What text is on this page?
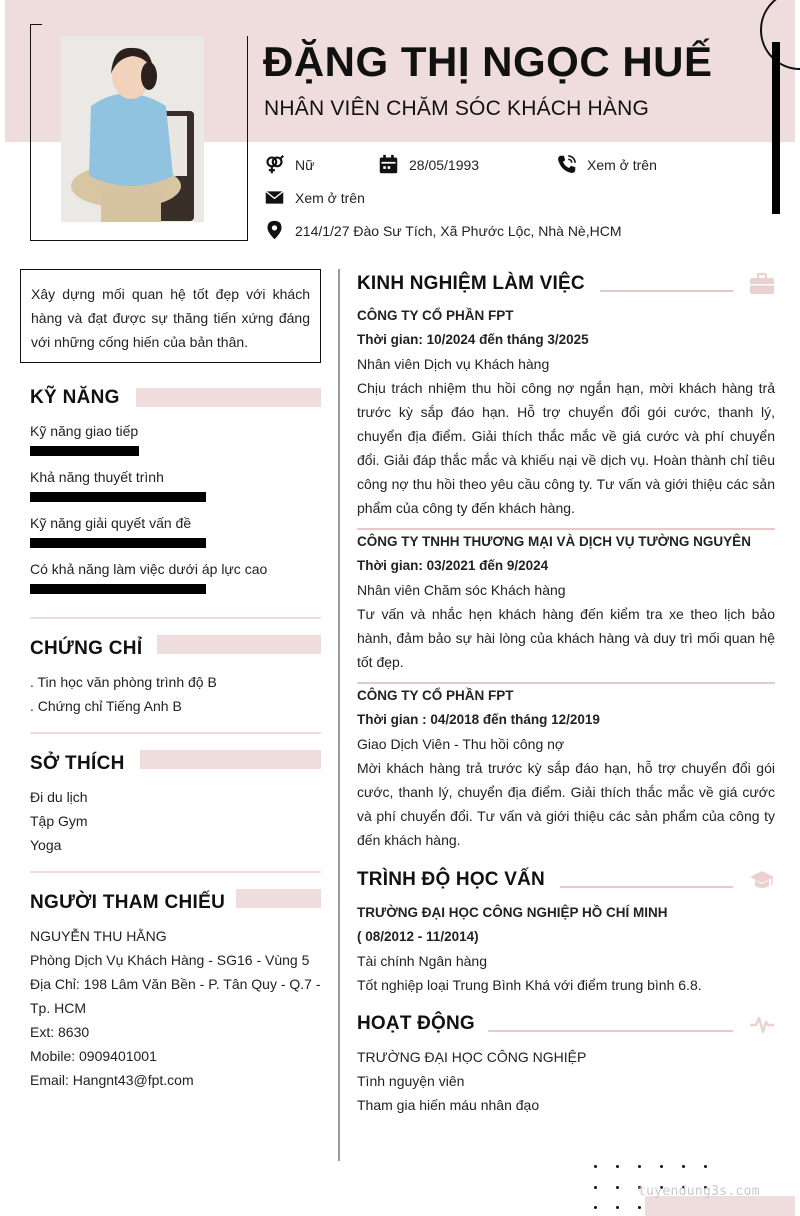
ĐẶNG THỊ NGỌC HUẾ
NHÂN VIÊN CHĂM SÓC KHÁCH HÀNG
Nữ	28/05/1993	Xem ở trên
Xem ở trên
214/1/27 Đào Sư Tích, Xã Phước Lộc, Nhà Nè,HCM
Xây dựng mối quan hệ tốt đẹp với khách hàng và đạt được sự thăng tiến xứng đáng với những cống hiến của bản thân.
KỸ NĂNG
Kỹ năng giao tiếp
Khả năng thuyết trình
Kỹ năng giải quyết vấn đề
Có khả năng làm việc dưới áp lực cao
CHỨNG CHỈ
. Tin học văn phòng trình độ B
. Chứng chỉ Tiếng Anh B
SỞ THÍCH
Đi du lịch
Tập Gym
Yoga
NGƯỜI THAM CHIẾU
NGUYỄN THU HẰNG
Phòng Dịch Vụ Khách Hàng - SG16 - Vùng 5
Địa Chỉ: 198 Lâm Văn Bền - P. Tân Quy - Q.7 -
Tp. HCM
Ext: 8630
Mobile: 0909401001
Email: Hangnt43@fpt.com
KINH NGHIỆM LÀM VIỆC
CÔNG TY CỔ PHẦN FPT
Thời gian: 10/2024 đến tháng 3/2025
Nhân viên Dịch vụ Khách hàng
Chịu trách nhiệm thu hồi công nợ ngắn hạn, mời khách hàng trả trước kỳ sắp đáo hạn. Hỗ trợ chuyển đổi gói cước, thanh lý, chuyển địa điểm. Giải thích thắc mắc về giá cước và phí chuyển đổi. Giải đáp thắc mắc và khiếu nại về dịch vụ. Hoàn thành chỉ tiêu công nợ thu hồi theo yêu cầu công ty. Tư vấn và giới thiệu các sản phẩm của công ty đến khách hàng.
CÔNG TY TNHH THƯƠNG MẠI VÀ DỊCH VỤ TƯỜNG NGUYÊN
Thời gian: 03/2021 đến 9/2024
Nhân viên Chăm sóc Khách hàng
Tư vấn và nhắc hẹn khách hàng đến kiểm tra xe theo lịch bảo hành, đảm bảo sự hài lòng của khách hàng và duy trì mối quan hệ tốt đẹp.
CÔNG TY CỔ PHẦN FPT
Thời gian : 04/2018 đến tháng 12/2019
Giao Dịch Viên - Thu hồi công nợ
Mời khách hàng trả trước kỳ sắp đáo hạn, hỗ trợ chuyển đổi gói cước, thanh lý, chuyển địa điểm. Giải thích thắc mắc về giá cước và phí chuyển đổi. Tư vấn và giới thiệu các sản phẩm của công ty đến khách hàng.
TRÌNH ĐỘ HỌC VẤN
TRƯỜNG ĐẠI HỌC CÔNG NGHIỆP HỒ CHÍ MINH
( 08/2012 - 11/2014)
Tài chính Ngân hàng
Tốt nghiệp loại Trung Bình Khá với điểm trung bình 6.8.
HOẠT ĐỘNG
TRƯỜNG ĐẠI HỌC CÔNG NGHIỆP
Tình nguyện viên
Tham gia hiến máu nhân đạo
tuyendung3s.com
